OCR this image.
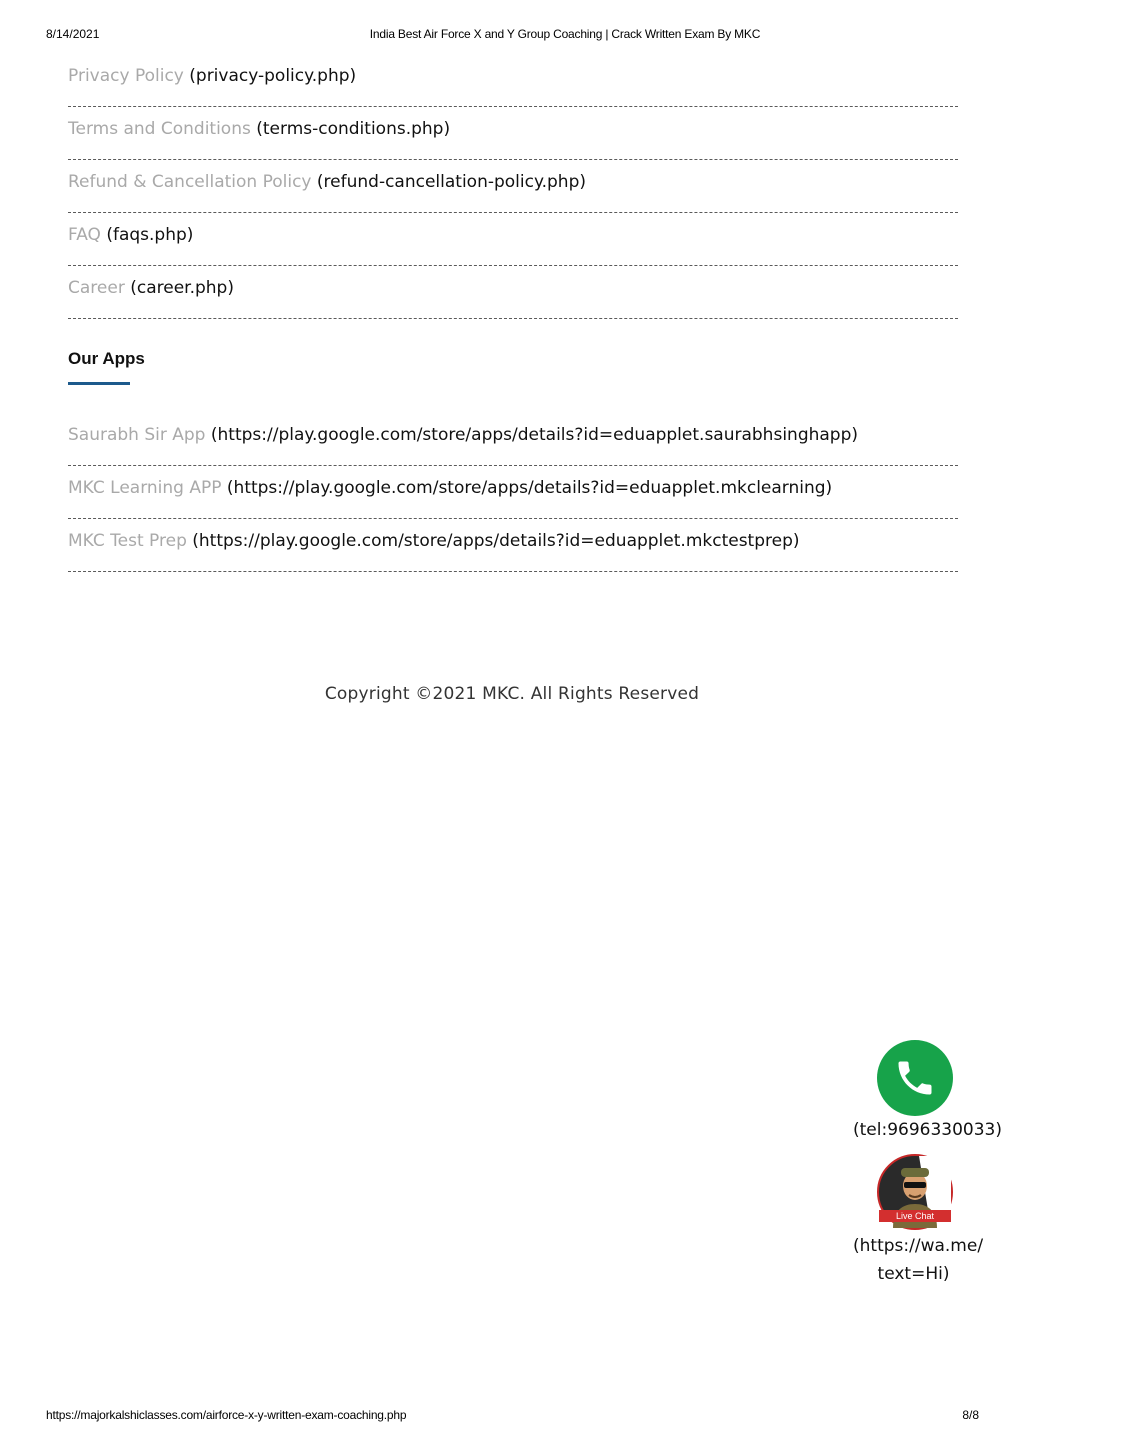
8/14/2021	India Best Air Force X and Y Group Coaching | Crack Written Exam By MKC
Privacy Policy (privacy-policy.php)
Terms and Conditions (terms-conditions.php)
Refund & Cancellation Policy (refund-cancellation-policy.php)
FAQ (faqs.php)
Career (career.php)
Our Apps
Saurabh Sir App (https://play.google.com/store/apps/details?id=eduapplet.saurabhsinghapp)
MKC Learning APP (https://play.google.com/store/apps/details?id=eduapplet.mkclearning)
MKC Test Prep (https://play.google.com/store/apps/details?id=eduapplet.mkctestprep)
Copyright ©2021 MKC. All Rights Reserved
(tel:9696330033)
Live Chat
(https://wa.me/
text=Hi)
https://majorkalshiclasses.com/airforce-x-y-written-exam-coaching.php	8/8
